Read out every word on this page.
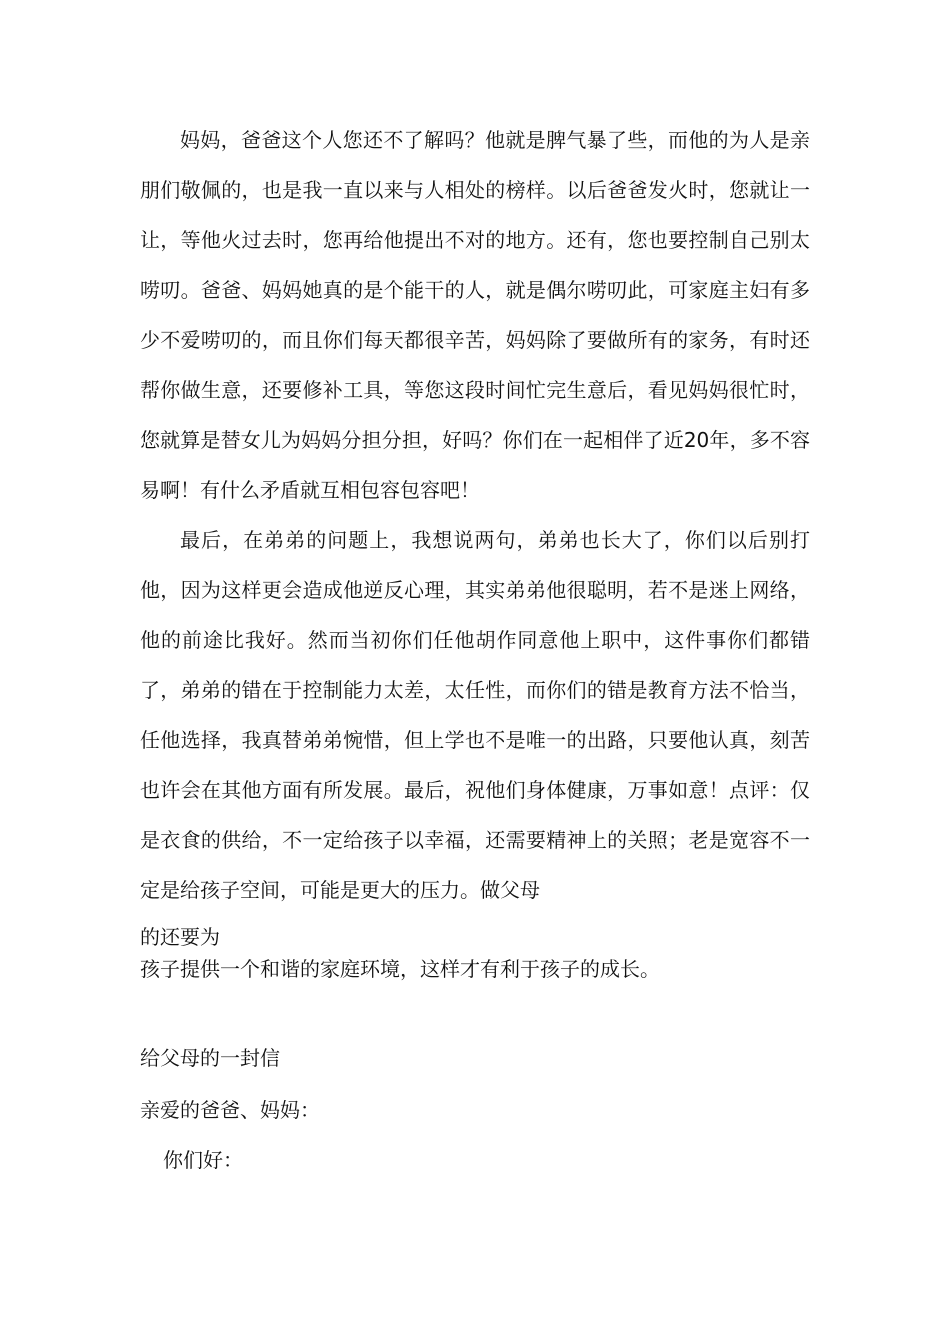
妈妈，爸爸这个人您还不了解吗？他就是脾气暴了些，而他的为人是亲朋们敬佩的，也是我一直以来与人相处的榜样。以后爸爸发火时，您就让一让，等他火过去时，您再给他提出不对的地方。还有，您也要控制自己别太唠叨。爸爸、妈妈她真的是个能干的人，就是偶尔唠叨此，可家庭主妇有多少不爱唠叨的，而且你们每天都很辛苦，妈妈除了要做所有的家务，有时还帮你做生意，还要修补工具，等您这段时间忙完生意后，看见妈妈很忙时，您就算是替女儿为妈妈分担分担，好吗？你们在一起相伴了近20年，多不容易啊！有什么矛盾就互相包容包容吧！

最后，在弟弟的问题上，我想说两句，弟弟也长大了，你们以后别打他，因为这样更会造成他逆反心理，其实弟弟他很聪明，若不是迷上网络，他的前途比我好。然而当初你们任他胡作同意他上职中，这件事你们都错了，弟弟的错在于控制能力太差，太任性，而你们的错是教育方法不恰当，任他选择，我真替弟弟惋惜，但上学也不是唯一的出路，只要他认真，刻苦也许会在其他方面有所发展。最后，祝他们身体健康，万事如意！点评：仅是衣食的供给，不一定给孩子以幸福，还需要精神上的关照；老是宽容不一定是给孩子空间，可能是更大的压力。做父母

的还要为

孩子提供一个和谐的家庭环境，这样才有利于孩子的成长。

给父母的一封信

亲爱的爸爸、妈妈：

你们好：
